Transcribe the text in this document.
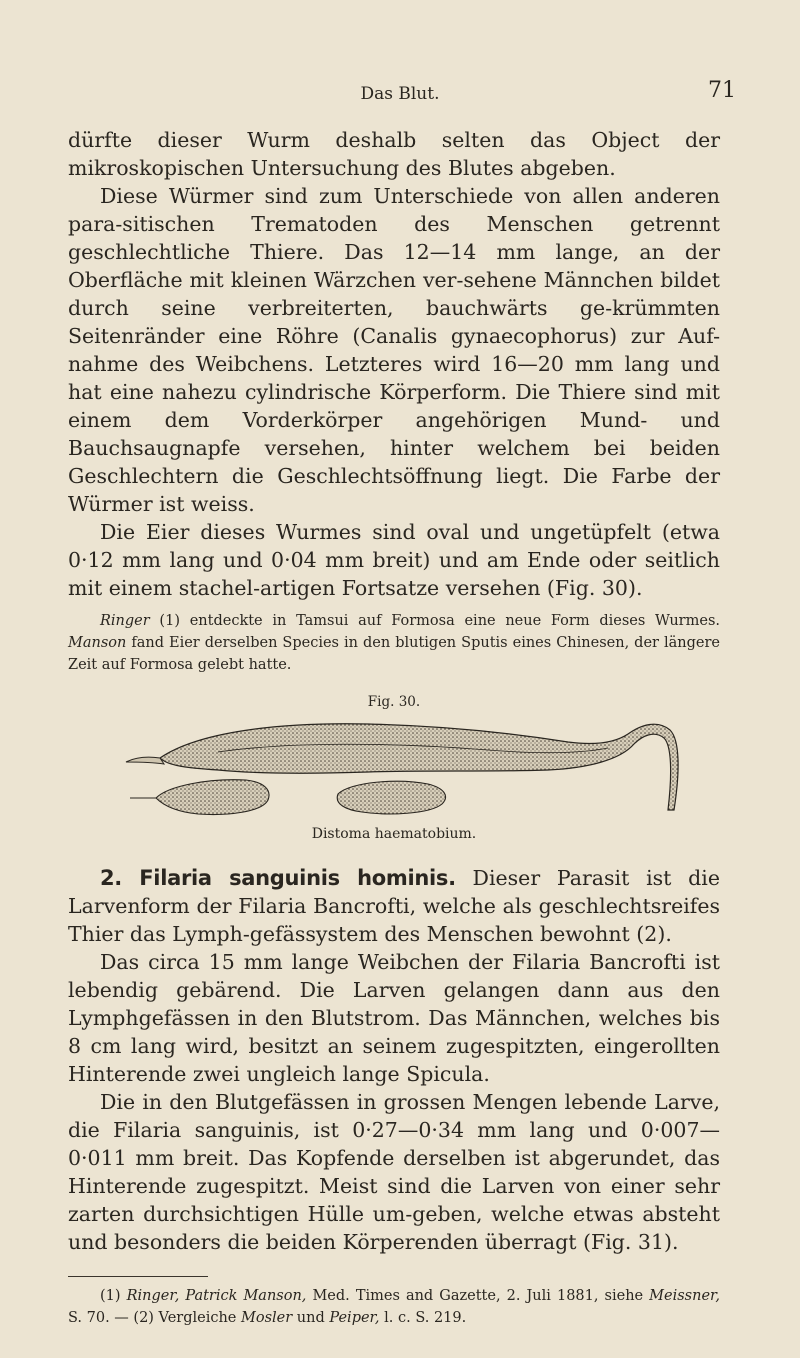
Das Blut.	71

dürfte dieser Wurm deshalb selten das Object der mikroskopischen Untersuchung des Blutes abgeben.

Diese Würmer sind zum Unterschiede von allen anderen para-sitischen Trematoden des Menschen getrennt geschlechtliche Thiere. Das 12—14 mm lange, an der Oberfläche mit kleinen Wärzchen ver-sehene Männchen bildet durch seine verbreiterten, bauchwärts ge-krümmten Seitenränder eine Röhre (Canalis gynaecophorus) zur Auf-nahme des Weibchens. Letzteres wird 16—20 mm lang und hat eine nahezu cylindrische Körperform. Die Thiere sind mit einem dem Vorderkörper angehörigen Mund- und Bauchsaugnapfe versehen, hinter welchem bei beiden Geschlechtern die Geschlechtsöffnung liegt. Die Farbe der Würmer ist weiss.

Die Eier dieses Wurmes sind oval und ungetüpfelt (etwa 0·12 mm lang und 0·04 mm breit) und am Ende oder seitlich mit einem stachel-artigen Fortsatze versehen (Fig. 30).

Ringer (1) entdeckte in Tamsui auf Formosa eine neue Form dieses Wurmes. Manson fand Eier derselben Species in den blutigen Sputis eines Chinesen, der längere Zeit auf Formosa gelebt hatte.

Fig. 30.
Distoma haematobium.

2. Filaria sanguinis hominis. Dieser Parasit ist die Larvenform der Filaria Bancrofti, welche als geschlechtsreifes Thier das Lymph-gefässystem des Menschen bewohnt (2).

Das circa 15 mm lange Weibchen der Filaria Bancrofti ist lebendig gebärend. Die Larven gelangen dann aus den Lymphgefässen in den Blutstrom. Das Männchen, welches bis 8 cm lang wird, besitzt an seinem zugespitzten, eingerollten Hinterende zwei ungleich lange Spicula.

Die in den Blutgefässen in grossen Mengen lebende Larve, die Filaria sanguinis, ist 0·27—0·34 mm lang und 0·007—0·011 mm breit. Das Kopfende derselben ist abgerundet, das Hinterende zugespitzt. Meist sind die Larven von einer sehr zarten durchsichtigen Hülle um-geben, welche etwas absteht und besonders die beiden Körperenden überragt (Fig. 31).

(1) Ringer, Patrick Manson, Med. Times and Gazette, 2. Juli 1881, siehe Meissner, S. 70. — (2) Vergleiche Mosler und Peiper, l. c. S. 219.
